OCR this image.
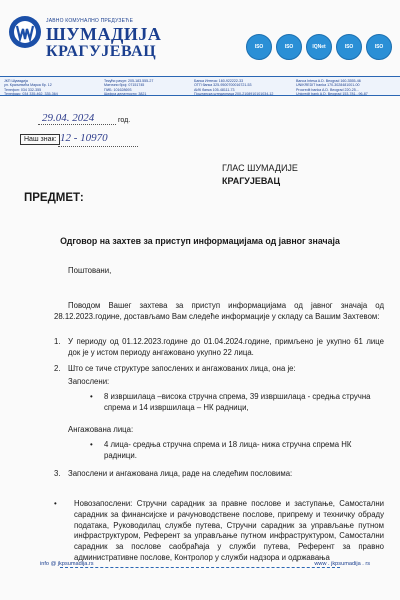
ЈАВНО КОМУНАЛНО ПРЕДУЗЕЋЕ
ШУМАДИЈА
КРАГУЈЕВАЦ	ISO	ISO	IQNet	ISO	ISO
ЈКП Шумадија
ул. Краљевића Марка бр. 12
Телефон: 034 332-355
Телефакс: 034 335-462, 335-364
Текући рачун: 205-183.555-27
Матични број: 07151745
ПИБ: 101628693
Шифра делатности: 3821
Банка Интеза: 160-922222-33
ОТП банка 325-9500700016721-53
АИК банка 105-48111-73
Поштанска штедионица 200-2108910101034-12
Banca Intesa A.D. Beograd 160-3555-46
UNIKREDIT banka 170-3028481001-00
Procredit banka A.D. Beograd 220-25...
Unicredit bank A.D. Beograd 153-781...96-87
29.04. 2024	год.
Наш знак: 12 - 10970
ГЛАС ШУМАДИЈЕ
КРАГУЈЕВАЦ
ПРЕДМЕТ:
Одговор на захтев за приступ информацијама од јавног значаја
Поштовани,
Поводом Вашег захтева за приступ информацијама од јавног значаја од 28.12.2023.године, достављамо Вам следеће информације у складу са Вашим Захтевом:
1. У периоду од 01.12.2023.године до 01.04.2024.године, примљено је укупно 61 лице док је у истом периоду ангажовано укупно 22 лица.
2. Што се тиче структуре запослених и ангажованих лица, она је:
Запослени:
• 8 извршилаца –висока стручна спрема, 39 извршилаца - средња стручна спрема и 14 извршилаца – НК радници,
Ангажована лица:
• 4 лица- средња стручна спрема и 18 лица- нижа стручна спрема НК радници.
3. Запослени и ангажована лица, раде на следећим пословима:
• Новозапослени: Стручни сарадник за правне послове и заступање, Самостални сарадник за финансијске и рачуноводствене послове, припрему и техничку обраду података, Руководилац службе путева, Стручни сарадник за управљање путном инфраструктуром, Референт за управљање путном инфраструктуром, Самостални сарадник за послове саобраћаја у служби путева, Референт за правно административне послове, Контролор у служби надзора и одржавања
info @ jkpsumadija.rs	www . jkpsumadija . rs
